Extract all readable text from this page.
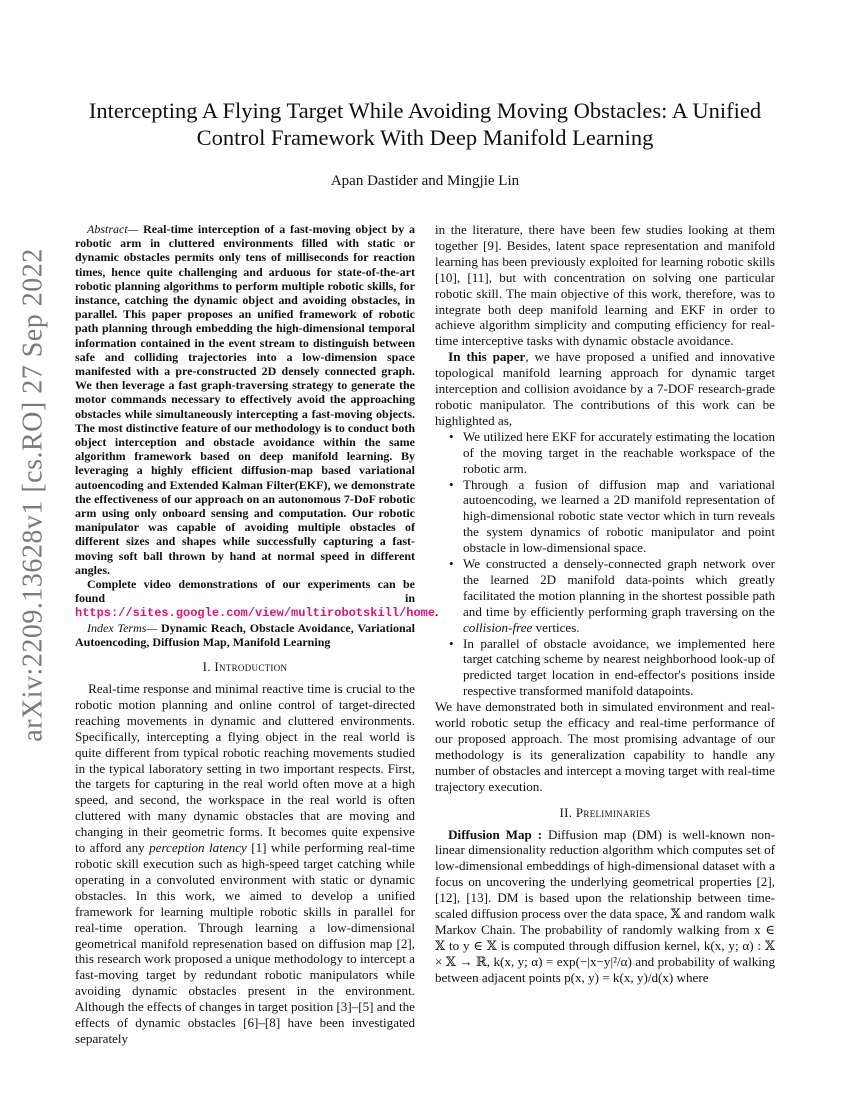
arXiv:2209.13628v1 [cs.RO] 27 Sep 2022
Intercepting A Flying Target While Avoiding Moving Obstacles: A Unified Control Framework With Deep Manifold Learning
Apan Dastider and Mingjie Lin

Abstract— Real-time interception of a fast-moving object by a robotic arm in cluttered environments filled with static or dynamic obstacles permits only tens of milliseconds for reaction times, hence quite challenging and arduous for state-of-the-art robotic planning algorithms to perform multiple robotic skills, for instance, catching the dynamic object and avoiding obstacles, in parallel. This paper proposes an unified framework of robotic path planning through embedding the high-dimensional temporal information contained in the event stream to distinguish between safe and colliding trajectories into a low-dimension space manifested with a pre-constructed 2D densely connected graph. We then leverage a fast graph-traversing strategy to generate the motor commands necessary to effectively avoid the approaching obstacles while simultaneously intercepting a fast-moving objects. The most distinctive feature of our methodology is to conduct both object interception and obstacle avoidance within the same algorithm framework based on deep manifold learning. By leveraging a highly efficient diffusion-map based variational autoencoding and Extended Kalman Filter(EKF), we demonstrate the effectiveness of our approach on an autonomous 7-DoF robotic arm using only onboard sensing and computation. Our robotic manipulator was capable of avoiding multiple obstacles of different sizes and shapes while successfully capturing a fast-moving soft ball thrown by hand at normal speed in different angles.

Complete video demonstrations of our experiments can be found in https://sites.google.com/view/multirobotskill/home.

Index Terms— Dynamic Reach, Obstacle Avoidance, Variational Autoencoding, Diffusion Map, Manifold Learning

I. Introduction

Real-time response and minimal reactive time is crucial to the robotic motion planning and online control of target-directed reaching movements in dynamic and cluttered environments. Specifically, intercepting a flying object in the real world is quite different from typical robotic reaching movements studied in the typical laboratory setting in two important respects. First, the targets for capturing in the real world often move at a high speed, and second, the workspace in the real world is often cluttered with many dynamic obstacles that are moving and changing in their geometric forms. It becomes quite expensive to afford any perception latency [1] while performing real-time robotic skill execution such as high-speed target catching while operating in a convoluted environment with static or dynamic obstacles. In this work, we aimed to develop a unified framework for learning multiple robotic skills in parallel for real-time operation. Through learning a low-dimensional geometrical manifold represenation based on diffusion map [2], this research work proposed a unique methodology to intercept a fast-moving target by redundant robotic manipulators while avoiding dynamic obstacles present in the environment. Although the effects of changes in target position [3]–[5] and the effects of dynamic obstacles [6]–[8] have been investigated separately

in the literature, there have been few studies looking at them together [9]. Besides, latent space representation and manifold learning has been previously exploited for learning robotic skills [10], [11], but with concentration on solving one particular robotic skill. The main objective of this work, therefore, was to integrate both deep manifold learning and EKF in order to achieve algorithm simplicity and computing efficiency for real-time interceptive tasks with dynamic obstacle avoidance.

In this paper, we have proposed a unified and innovative topological manifold learning approach for dynamic target interception and collision avoidance by a 7-DOF research-grade robotic manipulator. The contributions of this work can be highlighted as,

• We utilized here EKF for accurately estimating the location of the moving target in the reachable workspace of the robotic arm.
• Through a fusion of diffusion map and variational autoencoding, we learned a 2D manifold representation of high-dimensional robotic state vector which in turn reveals the system dynamics of robotic manipulator and point obstacle in low-dimensional space.
• We constructed a densely-connected graph network over the learned 2D manifold data-points which greatly facilitated the motion planning in the shortest possible path and time by efficiently performing graph traversing on the collision-free vertices.
• In parallel of obstacle avoidance, we implemented here target catching scheme by nearest neighborhood look-up of predicted target location in end-effector's positions inside respective transformed manifold datapoints.

We have demonstrated both in simulated environment and real-world robotic setup the efficacy and real-time performance of our proposed approach. The most promising advantage of our methodology is its generalization capability to handle any number of obstacles and intercept a moving target with real-time trajectory execution.

II. Preliminaries

Diffusion Map : Diffusion map (DM) is well-known non-linear dimensionality reduction algorithm which computes set of low-dimensional embeddings of high-dimensional dataset with a focus on uncovering the underlying geometrical properties [2], [12], [13]. DM is based upon the relationship between time-scaled diffusion process over the data space, 𝕏 and random walk Markov Chain. The probability of randomly walking from x ∈ 𝕏 to y ∈ 𝕏 is computed through diffusion kernel, k(x, y; α) : 𝕏 × 𝕏 → ℝ, k(x, y; α) = exp(−|x−y|²/α) and probability of walking between adjacent points p(x, y) = k(x, y)/d(x) where
